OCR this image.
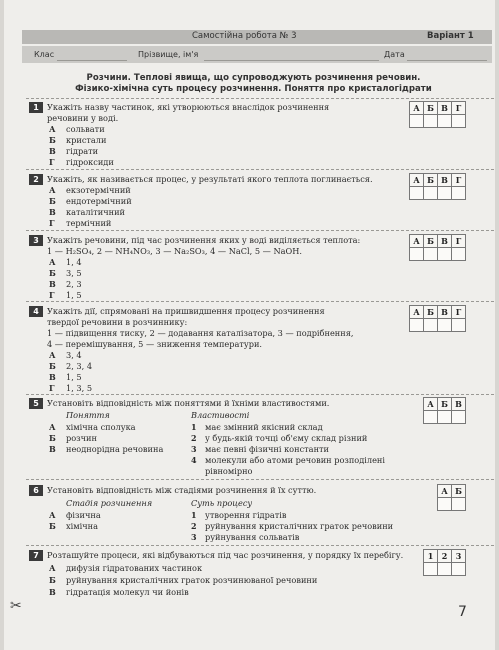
Самостійна робота № 3	Варіант 1
Клас	Прізвище, ім'я	Дата
Розчини. Теплові явища, що супроводжують розчинення речовин.
Фізико-хімічна суть процесу розчинення. Поняття про кристалогідрати
1	Укажіть назву частинок, які утворюються внаслідок розчинення
речовини у воді.
А сольвати
Б кристали
В гідрати
Г гідроксиди
А Б В Г
2	Укажіть, як називається процес, у результаті якого теплота поглинається.
А екзотермічний
Б ендотермічний
В каталітичний
Г термічний
А Б В Г
3	Укажіть речовини, під час розчинення яких у воді виділяється теплота:
1 — H₂SO₄, 2 — NH₄NO₃, 3 — Na₂SO₃, 4 — NaCl, 5 — NaOH.
А 1, 4
Б 3, 5
В 2, 3
Г 1, 5
А Б В Г
4	Укажіть дії, спрямовані на пришвидшення процесу розчинення
твердої речовини в розчиннику:
1 — підвищення тиску, 2 — додавання каталізатора, 3 — подрібнення,
4 — перемішування, 5 — зниження температури.
А 3, 4
Б 2, 3, 4
В 1, 5
Г 1, 3, 5
А Б В Г
5	Установіть відповідність між поняттями й їхніми властивостями.
Поняття	Властивості
А хімічна сполука
Б розчин
В неоднорідна речовина
1 має змінний якісний склад
2 у будь-якій точці об'єму склад різний
3 має певні фізичні константи
4 молекули або атоми речовин розподілені
рівномірно
А Б В
6	Установіть відповідність між стадіями розчинення й їх суттю.
Стадія розчинення	Суть процесу
А фізична
Б хімічна
1 утворення гідратів
2 руйнування кристалічних граток речовини
3 руйнування сольватів
А Б
7	Розташуйте процеси, які відбуваються під час розчинення, у порядку їх перебігу.
А дифузія гідратованих частинок
Б руйнування кристалічних граток розчинюваної речовини
В гідратація молекул чи йонів
1	2	3
✂	7
